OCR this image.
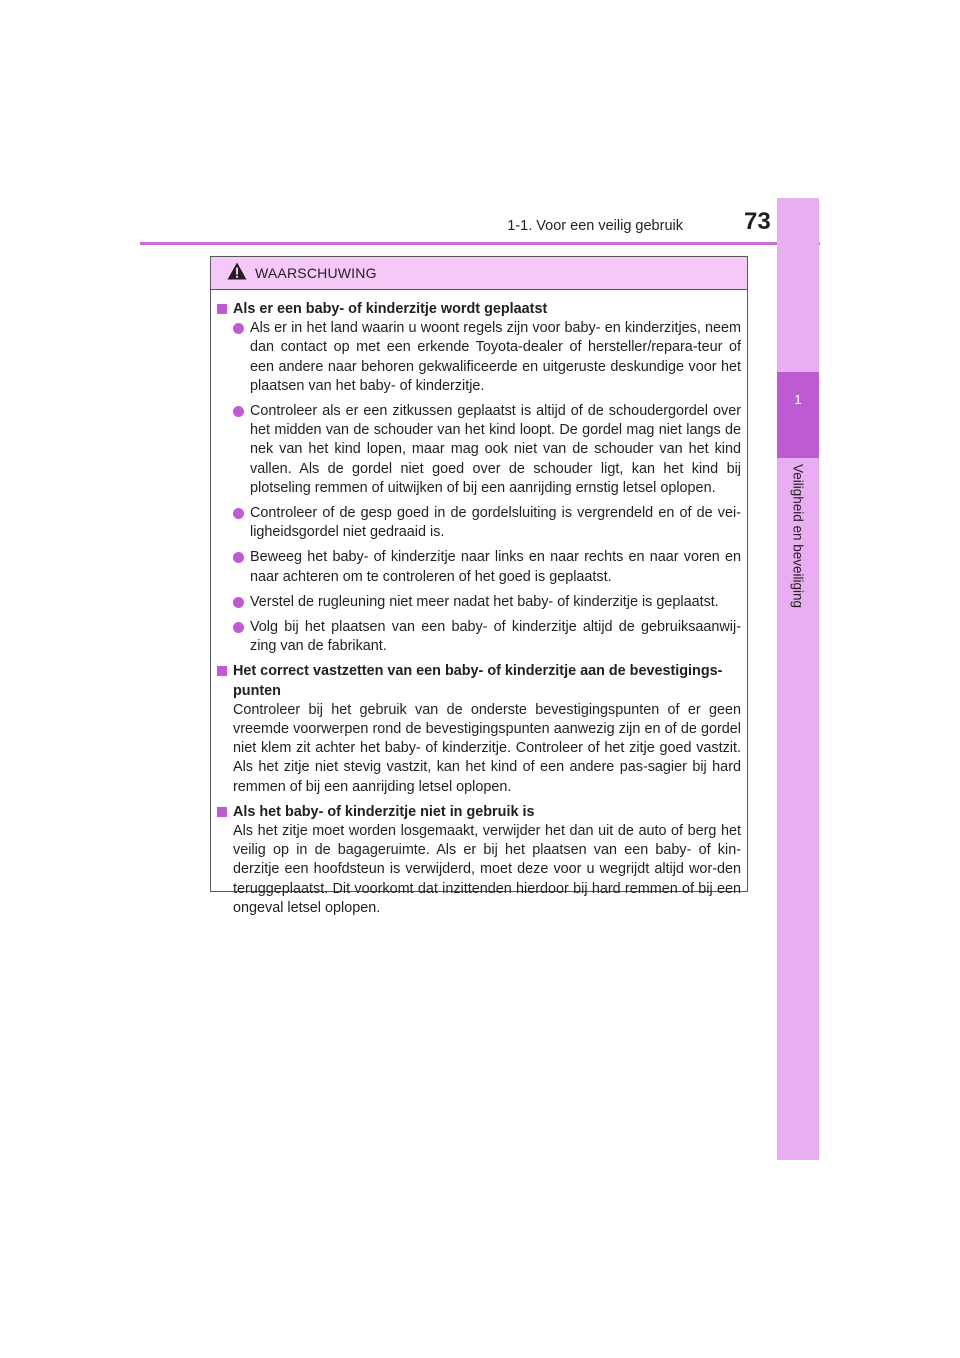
1-1. Voor een veilig gebruik	73
1
Veiligheid en beveiliging
WAARSCHUWING
Als er een baby- of kinderzitje wordt geplaatst
Als er in het land waarin u woont regels zijn voor baby- en kinderzitjes, neem dan contact op met een erkende Toyota-dealer of hersteller/repara-teur of een andere naar behoren gekwalificeerde en uitgeruste deskundige voor het plaatsen van het baby- of kinderzitje.
Controleer als er een zitkussen geplaatst is altijd of de schoudergordel over het midden van de schouder van het kind loopt. De gordel mag niet langs de nek van het kind lopen, maar mag ook niet van de schouder van het kind vallen. Als de gordel niet goed over de schouder ligt, kan het kind bij plotseling remmen of uitwijken of bij een aanrijding ernstig letsel oplopen.
Controleer of de gesp goed in de gordelsluiting is vergrendeld en of de vei-ligheidsgordel niet gedraaid is.
Beweeg het baby- of kinderzitje naar links en naar rechts en naar voren en naar achteren om te controleren of het goed is geplaatst.
Verstel de rugleuning niet meer nadat het baby- of kinderzitje is geplaatst.
Volg bij het plaatsen van een baby- of kinderzitje altijd de gebruiksaanwij-zing van de fabrikant.
Het correct vastzetten van een baby- of kinderzitje aan de bevestigings-punten
Controleer bij het gebruik van de onderste bevestigingspunten of er geen vreemde voorwerpen rond de bevestigingspunten aanwezig zijn en of de gordel niet klem zit achter het baby- of kinderzitje. Controleer of het zitje goed vastzit. Als het zitje niet stevig vastzit, kan het kind of een andere pas-sagier bij hard remmen of bij een aanrijding letsel oplopen.
Als het baby- of kinderzitje niet in gebruik is
Als het zitje moet worden losgemaakt, verwijder het dan uit de auto of berg het veilig op in de bagageruimte. Als er bij het plaatsen van een baby- of kin-derzitje een hoofdsteun is verwijderd, moet deze voor u wegrijdt altijd wor-den teruggeplaatst. Dit voorkomt dat inzittenden hierdoor bij hard remmen of bij een ongeval letsel oplopen.
